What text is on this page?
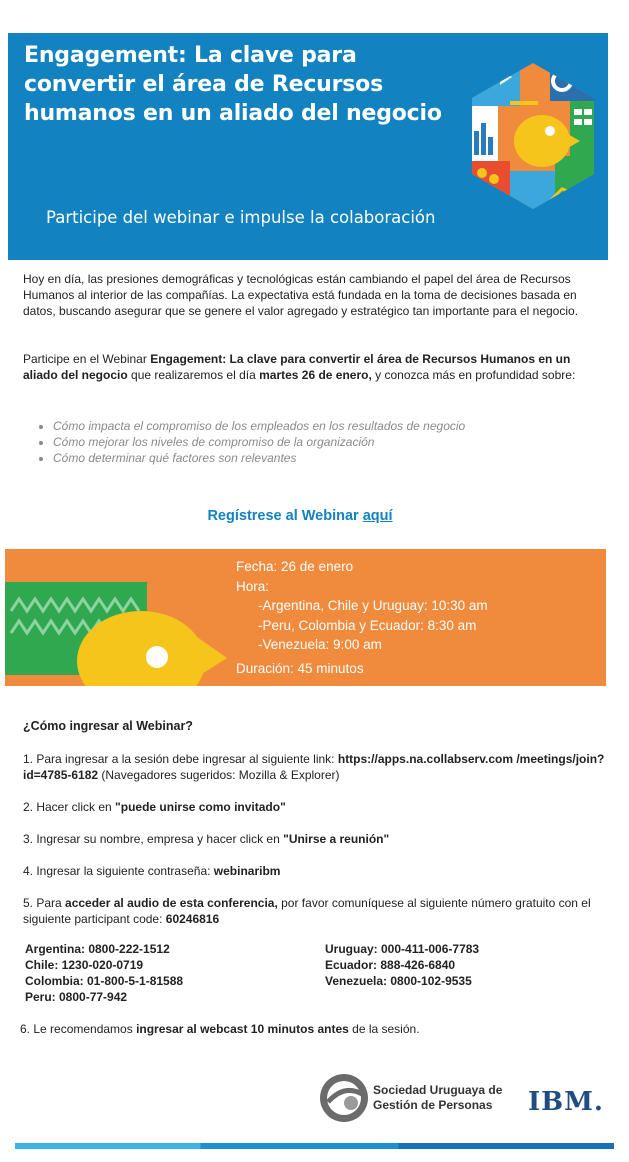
Engagement: La clave para convertir el área de Recursos humanos en un aliado del negocio

Participe del webinar e impulse la colaboración

Hoy en día, las presiones demográficas y tecnológicas están cambiando el papel del área de Recursos Humanos al interior de las compañías. La expectativa está fundada en la toma de decisiones basada en datos, buscando asegurar que se genere el valor agregado y estratégico tan importante para el negocio.

Participe en el Webinar Engagement: La clave para convertir el área de Recursos Humanos en un aliado del negocio que realizaremos el día martes 26 de enero, y conozca más en profundidad sobre:

• Cómo impacta el compromiso de los empleados en los resultados de negocio
• Cómo mejorar los niveles de compromiso de la organización
• Cómo determinar qué factores son relevantes
Regístrese al Webinar aquí
Fecha: 26 de enero
Hora:
-Argentina, Chile y Uruguay: 10:30 am
-Peru, Colombia y Ecuador: 8:30 am
-Venezuela: 9:00 am
Duración: 45 minutos

¿Cómo ingresar al Webinar?

1. Para ingresar a la sesión debe ingresar al siguiente link: https://apps.na.collabserv.com /meetings/join?id=4785-6182 (Navegadores sugeridos: Mozilla & Explorer)

2. Hacer click en "puede unirse como invitado"

3. Ingresar su nombre, empresa y hacer click en "Unirse a reunión"

4. Ingresar la siguiente contraseña: webinaribm

5. Para acceder al audio de esta conferencia, por favor comuníquese al siguiente número gratuito con el siguiente participant code: 60246816

Argentina: 0800-222-1512
Chile: 1230-020-0719
Colombia: 01-800-5-1-81588
Peru: 0800-77-942
Uruguay: 000-411-006-7783
Ecuador: 888-426-6840
Venezuela: 0800-102-9535

6. Le recomendamos ingresar al webcast 10 minutos antes de la sesión.

Sociedad Uruguaya de
Gestión de Personas	IBM.
